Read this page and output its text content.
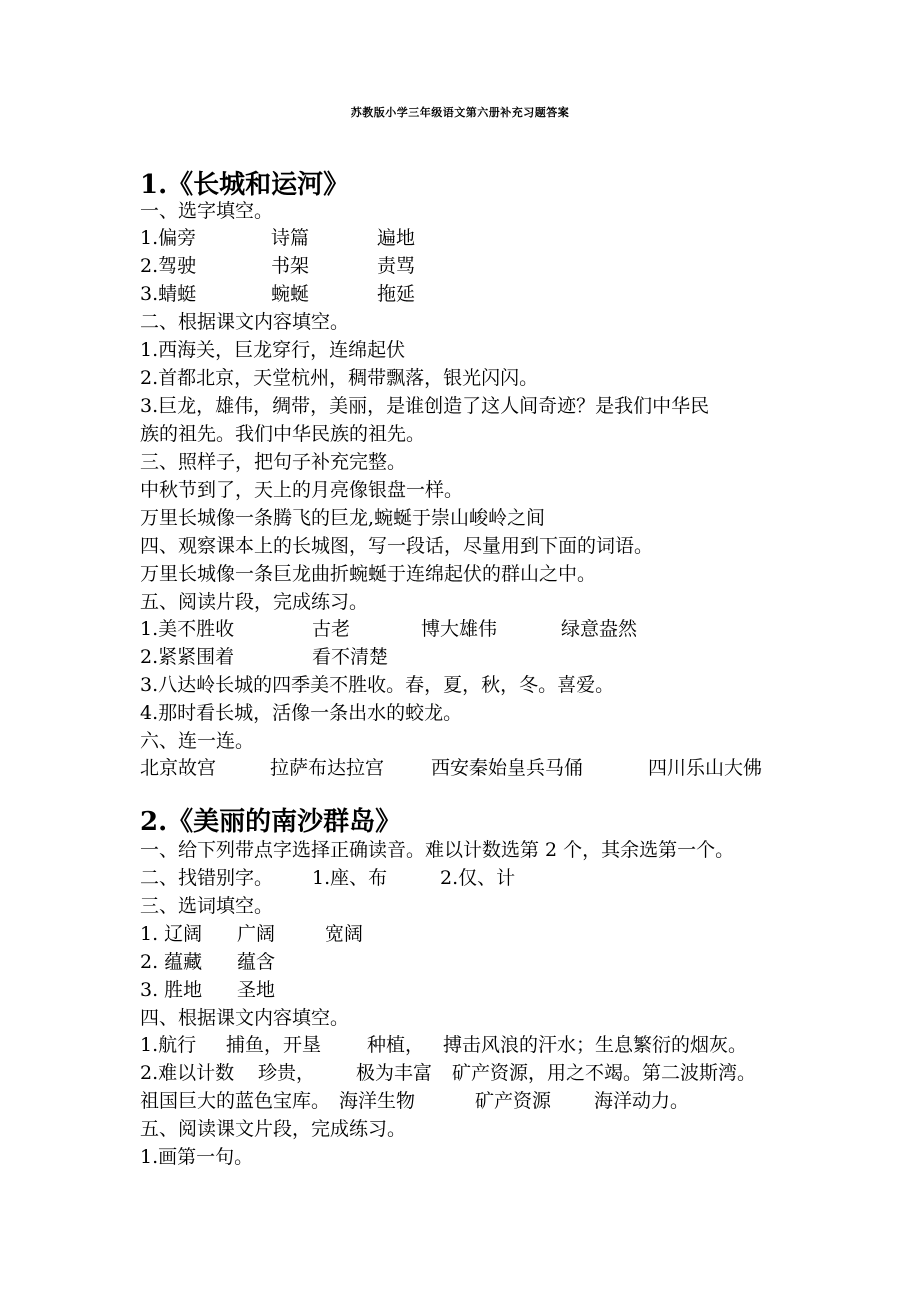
苏教版小学三年级语文第六册补充习题答案
1.《长城和运河》
一、选字填空。
1.偏旁	诗篇	遍地
2.驾驶	书架	责骂
3.蜻蜓	蜿蜒	拖延
二、根据课文内容填空。
1.西海关，巨龙穿行，连绵起伏
2.首都北京，天堂杭州，稠带飘落，银光闪闪。
3.巨龙，雄伟，绸带，美丽，是谁创造了这人间奇迹？是我们中华民
族的祖先。我们中华民族的祖先。
三、照样子，把句子补充完整。
中秋节到了，天上的月亮像银盘一样。
万里长城像一条腾飞的巨龙,蜿蜒于崇山峻岭之间
四、观察课本上的长城图，写一段话，尽量用到下面的词语。
万里长城像一条巨龙曲折蜿蜒于连绵起伏的群山之中。
五、阅读片段，完成练习。
1.美不胜收	古老	博大雄伟	绿意盎然
2.紧紧围着	看不清楚
3.八达岭长城的四季美不胜收。春，夏，秋，冬。喜爱。
4.那时看长城，活像一条出水的蛟龙。
六、连一连。
北京故宫	拉萨布达拉宫 西安秦始皇兵马俑	四川乐山大佛
2.《美丽的南沙群岛》
一、给下列带点字选择正确读音。难以计数选第 2 个，其余选第一个。
二、找错别字。 1.座、布	2.仅、计
三、选词填空。
1. 辽阔 广阔	宽阔
2. 蕴藏 蕴含
3. 胜地 圣地
四、根据课文内容填空。
1.航行 捕鱼，开垦 种植， 搏击风浪的汗水；生息繁衍的烟灰。
2.难以计数 珍贵， 极为丰富 矿产资源，用之不竭。第二波斯湾。
祖国巨大的蓝色宝库。 海洋生物	矿产资源 海洋动力。
五、阅读课文片段，完成练习。
1.画第一句。
